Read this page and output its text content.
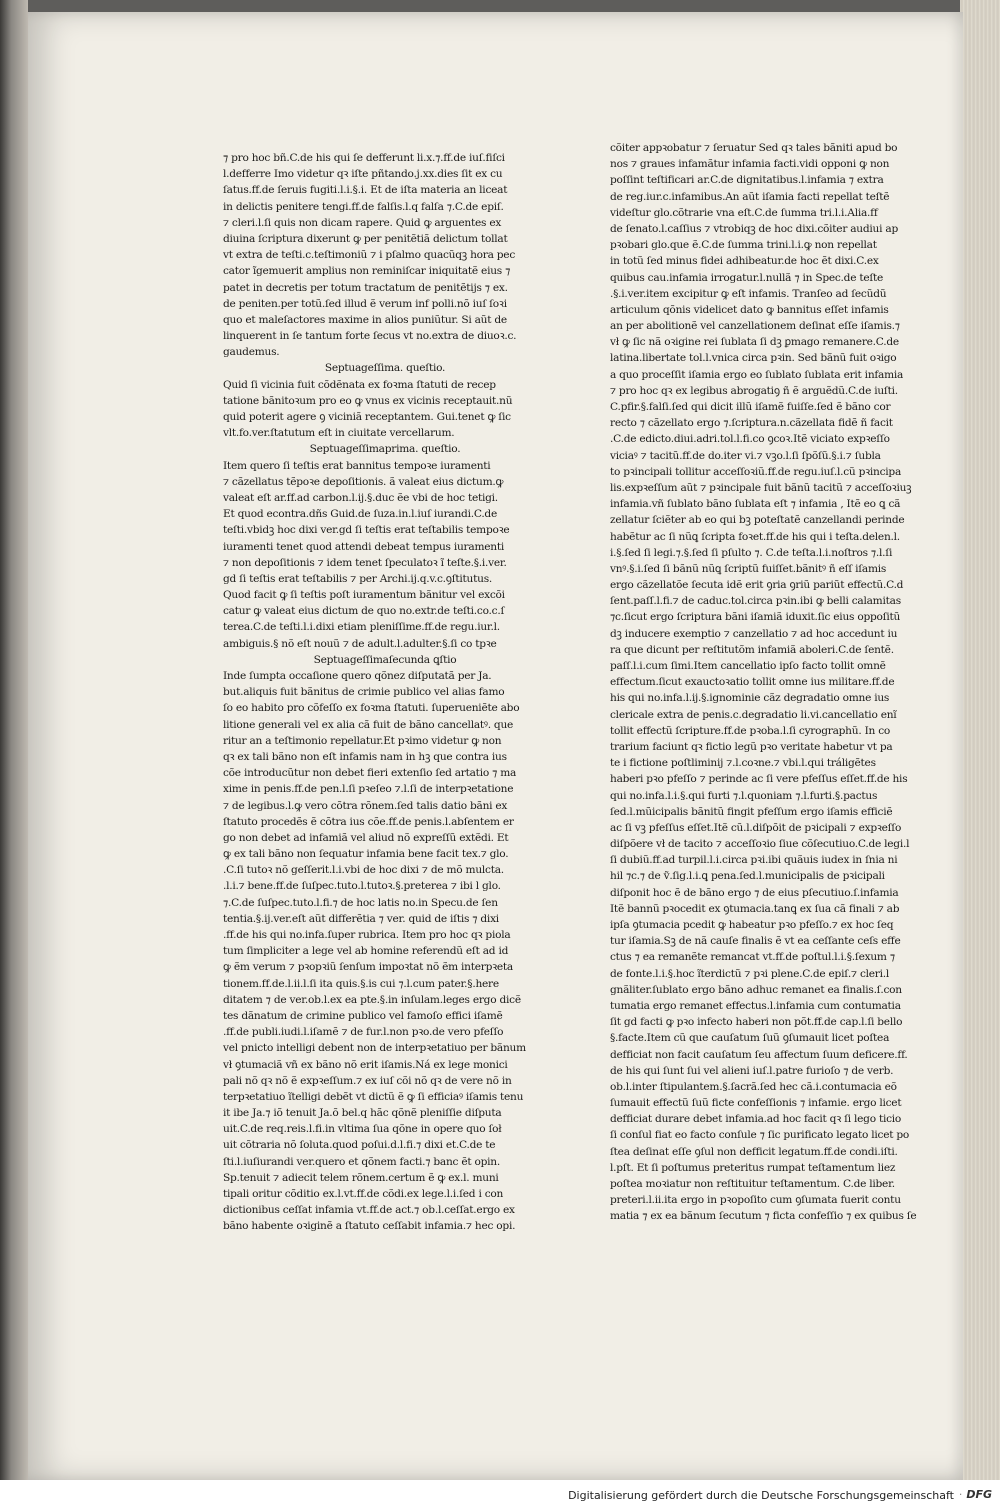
⁊ pro hoc bñ.C.de his qui ſe defferunt li.x.⁊.ff.de iuſ.fiſci
l.defferre Imo videtur qꝛ iſte pñtando.j.xx.dies ſit ex cu
ſatus.ff.de ſeruis fugiti.l.i.§.i. Et de iſta materia an liceat
in delictis penitere tengi.ff.de falſis.l.q falſa ⁊.C.de epiſ.
⁊ cleri.l.ſi quis non dicam rapere. Quid ꝙ arguentes ex
diuina ſcriptura dixerunt ꝙ per penitẽtiã delictum tollat
vt extra de teſti.c.teſtimoniũ ⁊ i pſalmo quacũqꝫ hora pec
cator ĩgemuerit amplius non reminiſcar iniquitatẽ eius ⁊
patet in decretis per totum tractatum de penitẽtijs ⁊ ex.
de peniten.per totũ.ſed illud ẽ verum inf polli.nõ iuſ ſoꝛi
quo et maleſactores maxime in alios puniũtur. Si aũt de
linquerent in ſe tantum forte ſecus vt no.extra de diuoꝛ.c.
gaudemus.
Septuageſſima. queſtio.
Quid ſi vicinia fuit cõdẽnata ex foꝛma ſtatuti de recep
tatione bãnitoꝛum pro eo ꝙ vnus ex vicinis receptauit.nũ
quid poterit agere ꝯ viciniã receptantem. Gui.tenet ꝙ ſic
vlt.fo.ver.ſtatutum eſt in ciuitate vercellarum.
Septuageſſimaprima. queſtio.
Item quero ſi teſtis erat bannitus tempoꝛe iuramenti
⁊ cãzellatus tẽpoꝛe depoſitionis. ã valeat eius dictum.ꝙ
valeat eſt ar.ff.ad carbon.l.ij.§.duc ẽe vbi de hoc tetigi.
Et quod econtra.dñs Guid.de ſuza.in.l.iuſ iurandi.C.de
teſti.vbidꝫ hoc dixi ver.gd ſi teſtis erat teſtabilis tempoꝛe
iuramenti tenet quod attendi debeat tempus iuramenti
⁊ non depoſitionis ⁊ idem tenet ſpeculatoꝛ ĩ teſte.§.i.ver.
gd ſi teſtis erat teſtabilis ⁊ per Archi.ij.q.v.c.ꝯſtitutus.
Quod facit ꝙ ſi teſtis poſt iuramentum bãnitur vel excõi
catur ꝙ valeat eius dictum de quo no.extr.de teſti.co.c.ſ
terea.C.de teſti.l.i.dixi etiam pleniſſime.ff.de regu.iur.l.
ambiguis.§ nõ eſt nouũ ⁊ de adult.l.adulter.§.ſi co tpꝛe
Septuageſſimaſecunda ꝗſtio
Inde ſumpta occaſione quero qõnez diſputatã per Ja.
but.aliquis fuit bãnitus de crimie publico vel alias famo
ſo eo habito pro cõfeſſo ex foꝛma ſtatuti. ſuperueniẽte abo
litione generali vel ex alia cã fuit de bãno cancellatꝰ. que
ritur an a teſtimonio repellatur.Et pꝛimo videtur ꝙ non
qꝛ ex tali bãno non eſt infamis nam in hꝫ que contra ius
cõe introducũtur non debet fieri extenſio ſed artatio ⁊ ma
xime in penis.ff.de pen.l.ſi pꝛeſeo ⁊.l.ſi de interpꝛetatione
⁊ de legibus.l.ꝙ vero cõtra rõnem.ſed talis datio bãni ex
ſtatuto procedẽs ẽ cõtra ius cõe.ff.de penis.l.abſentem er
go non debet ad infamiã vel aliud nõ expreſſũ extẽdi. Et
ꝙ ex tali bãno non ſequatur infamia bene facit tex.⁊ glo.
.C.ſi tutoꝛ nõ geſſerit.l.i.vbi de hoc dixi ⁊ de mõ mulcta.
.l.i.⁊ bene.ff.de ſuſpec.tuto.l.tutoꝛ.§.preterea ⁊ ibi l glo.
⁊.C.de ſuſpec.tuto.l.fi.⁊ de hoc latis no.in Specu.de ſen
tentia.§.ij.ver.eſt aũt differẽtia ⁊ ver. quid de iſtis ⁊ dixi
.ff.de his qui no.infa.ſuper rubrica. Item pro hoc qꝛ piola
tum ſimpliciter a lege vel ab homine referendũ eſt ad id
ꝙ ẽm verum ⁊ pꝛopꝛiũ ſenſum impoꝛtat nõ ẽm interpꝛeta
tionem.ff.de.l.ii.l.ſi ita quis.§.is cui ⁊.l.cum pater.§.here
ditatem ⁊ de ver.ob.l.ex ea pte.§.in inſulam.leges ergo dicẽ
tes dãnatum de crimine publico vel famoſo effici iſamẽ
.ff.de publi.iudi.l.iſamẽ ⁊ de fur.l.non pꝛo.de vero pfeſſo
vel pnicto intelligi debent non de interpꝛetatiuo per bãnum
vł ꝯtumaciã vñ ex bãno nõ erit iſamis.Ná ex lege monici
pali nõ qꝛ nõ ẽ expꝛeſſum.⁊ ex iuſ cõi nõ qꝛ de vere nõ in
terpꝛetatiuo ĩtelligi debẽt vt dictũ ẽ ꝙ ſi efficiaꝰ iſamis tenu
it ibe Ja.⁊ iõ tenuit Ja.õ bel.q hãc qõnẽ pleniſſie diſputa
uit.C.de req.reis.l.fi.in vltima ſua qõne in opere quo ſoł
uit cõtraria nõ ſoluta.quod poſui.d.l.fi.⁊ dixi et.C.de te
ſti.l.iuſiurandi ver.quero et qõnem facti.⁊ banc ẽt opin.
Sp.tenuit ⁊ adiecit telem rõnem.certum ẽ ꝙ ex.l. muni
tipali oritur cõditio ex.l.vt.ff.de cõdi.ex lege.l.i.ſed i con
dictionibus ceſſat infamia vt.ff.de act.⁊ ob.l.ceſſat.ergo ex
bãno habente oꝛiginẽ a ſtatuto ceſſabit infamia.⁊ hec opi.
cõiter appꝛobatur ⁊ ſeruatur Sed qꝛ tales bãniti apud bo
nos ⁊ graues infamãtur infamia facti.vidi opponi ꝙ non
poſſint teſtificari ar.C.de dignitatibus.l.infamia ⁊ extra
de reg.iur.c.infamibus.An aũt iſamia facti repellat teſtẽ
videſtur glo.cõtrarie vna eſt.C.de ſumma tri.l.i.Alia.ff
de ſenato.l.caſſius ⁊ vtrobiqꝫ de hoc dixi.cõiter audiui ap
pꝛobari glo.que ẽ.C.de ſumma trini.l.i.ꝙ non repellat
in totũ ſed minus fidei adhibeatur.de hoc ẽt dixi.C.ex
quibus cau.infamia irrogatur.l.nullã ⁊ in Spec.de teſte
.§.i.ver.item excipitur ꝙ eſt infamis. Tranſeo ad ſecũdũ
articulum qõnis videlicet dato ꝙ bannitus eſſet infamis
an per abolitionẽ vel canzellationem deſinat eſſe iſamis.⁊
vł ꝙ ſic nã oꝛigine rei ſublata ſi dꝫ ꝑmago remanere.C.de
latina.libertate tol.l.vnica circa pꝛin. Sed bãnũ fuit oꝛigo
a quo proceſſit iſamia ergo eo ſublato ſublata erit infamia
⁊ pro hoc qꝛ ex legibus abrogatiꝯ ñ ẽ arguẽdũ.C.de iuſti.
C.pfir.§.falſi.ſed qui dicit illũ iſamẽ fuiſſe.ſed ẽ bãno cor
recto ⁊ cãzellato ergo ⁊.ſcriptura.n.cãzellata fidẽ ñ facit
.C.de edicto.diui.adri.tol.l.fi.co ꝯcoꝛ.Itẽ viciato expꝛeſſo
viciaꝰ ⁊ tacitũ.ff.de do.iter vi.⁊ vꝫo.l.ſi ſpõſũ.§.i.⁊ ſubla
to pꝛincipali tollitur acceſſoꝛiũ.ff.de regu.iuſ.l.cũ pꝛincipa
lis.expꝛeſſum aũt ⁊ pꝛincipale fuit bãnũ tacitũ ⁊ acceſſoꝛiuꝫ
infamia.vñ ſublato bãno ſublata eſt ⁊ infamia , Itẽ eo ꝗ cã
zellatur ſciẽter ab eo qui bꝫ poteſtatẽ canzellandi perinde
habẽtur ac ſi nũꝗ ſcripta foꝛet.ff.de his qui i teſta.delen.l.
i.§.ſed ſi legi.⁊.§.ſed ſi pſulto ⁊. C.de teſta.l.i.noſtros ⁊.l.ſi
vnꝰ.§.i.ſed ſi bãnũ nũꝗ ſcriptũ fuiſſet.bãnitꝰ ñ eſſ iſamis
ergo cãzellatõe ſecuta idẽ erit ꝯria ꝯriũ pariũt effectũ.C.d
ſent.paſſ.l.fi.⁊ de caduc.tol.circa pꝛin.ibi ꝙ belli calamitas
⁊c.ſicut ergo ſcriptura bãni iſamiã iduxit.ſic eius oppoſitũ
dꝫ inducere exemptio ⁊ canzellatio ⁊ ad hoc accedunt iu
ra que dicunt per reſtitutõm infamiã aboleri.C.de ſentẽ.
paſſ.l.i.cum ſimi.Item cancellatio ipſo facto tollit omnẽ
effectum.ſicut exauctoꝛatio tollit omne ius militare.ff.de
his qui no.infa.l.ij.§.ignominie cãz degradatio omne ius
clericale extra de penis.c.degradatio li.vi.cancellatio enĩ
tollit effectũ ſcripture.ff.de pꝛoba.l.ſi cyrographũ. In co
trarium faciunt qꝛ fictio legũ pꝛo veritate habetur vt pa
te i fictione poſtliminij ⁊.l.coꝛne.⁊ vbi.l.qui tráligẽtes
haberi pꝛo pfeſſo ⁊ perinde ac ſi vere pfeſſus eſſet.ff.de his
qui no.infa.l.i.§.qui furti ⁊.l.quoniam ⁊.l.furti.§.pactus
ſed.l.mũicipalis bãnitũ fingit pfeſſum ergo iſamis efficiẽ
ac ſi vꝫ pfeſſus eſſet.Itẽ cũ.l.diſpõit de pꝛicipali ⁊ expꝛeſſo
diſpõere vł de tacito ⁊ acceſſoꝛio ſiue cõſecutiuo.C.de legi.l
ſi dubiũ.ff.ad turpil.l.i.circa pꝛi.ibi quãuis iudex in ſnia ni
hil ⁊c.⁊ de ṽ.ſig.l.i.ꝗ pena.ſed.l.municipalis de pꝛicipali
diſponit hoc ẽ de bãno ergo ⁊ de eius pſecutiuo.ſ.infamia
Itẽ bannũ pꝛocedit ex ꝯtumacia.tanꝗ ex ſua cã finali ⁊ ab
ipſa ꝯtumacia pcedit ꝙ habeatur pꝛo pfeſſo.⁊ ex hoc ſeq
tur iſamia.Sꝫ de nã cauſe finalis ẽ vt ea ceſſante ceſs effe
ctus ⁊ ea remanẽte remancat vt.ff.de poſtul.l.i.§.ſexum ⁊
de fonte.l.i.§.hoc ĩterdictũ ⁊ pꝛi plene.C.de epiſ.⁊ cleri.l
gnãliter.ſublato ergo bãno adhuc remanet ea finalis.ſ.con
tumatia ergo remanet effectus.l.infamia cum contumatia
ſit gd facti ꝙ pꝛo infecto haberi non põt.ff.de cap.l.ſi bello
§.facte.Item cũ que cauſatum ſuũ ꝯſumauit licet poſtea
defficiat non facit cauſatum ſeu affectum ſuum deficere.ff.
de his qui ſunt ſui vel alieni iuſ.l.patre furioſo ⁊ de verb.
ob.l.inter ſtipulantem.§.ſacrã.ſed hec cã.i.contumacia eõ
ſumauit effectũ ſuũ ficte confeſſionis ⁊ infamie. ergo licet
defficiat durare debet infamia.ad hoc facit qꝛ ſi lego ticio
ſi conſul fiat eo facto conſule ⁊ ſic purificato legato licet po
ſtea deſinat eſſe ꝯſul non defficit legatum.ff.de condi.iſti.
l.pſt. Et ſi poſtumus preteritus rumpat teſtamentum liez
poſtea moꝛiatur non reſtituitur teſtamentum. C.de liber.
preteri.l.ii.ita ergo in pꝛopoſito cum ꝯſumata fuerit contu
matia ⁊ ex ea bãnum ſecutum ⁊ ficta confeſſio ⁊ ex quibus ſe
Digitalisierung gefördert durch die Deutsche Forschungsgemeinschaft · DFG
